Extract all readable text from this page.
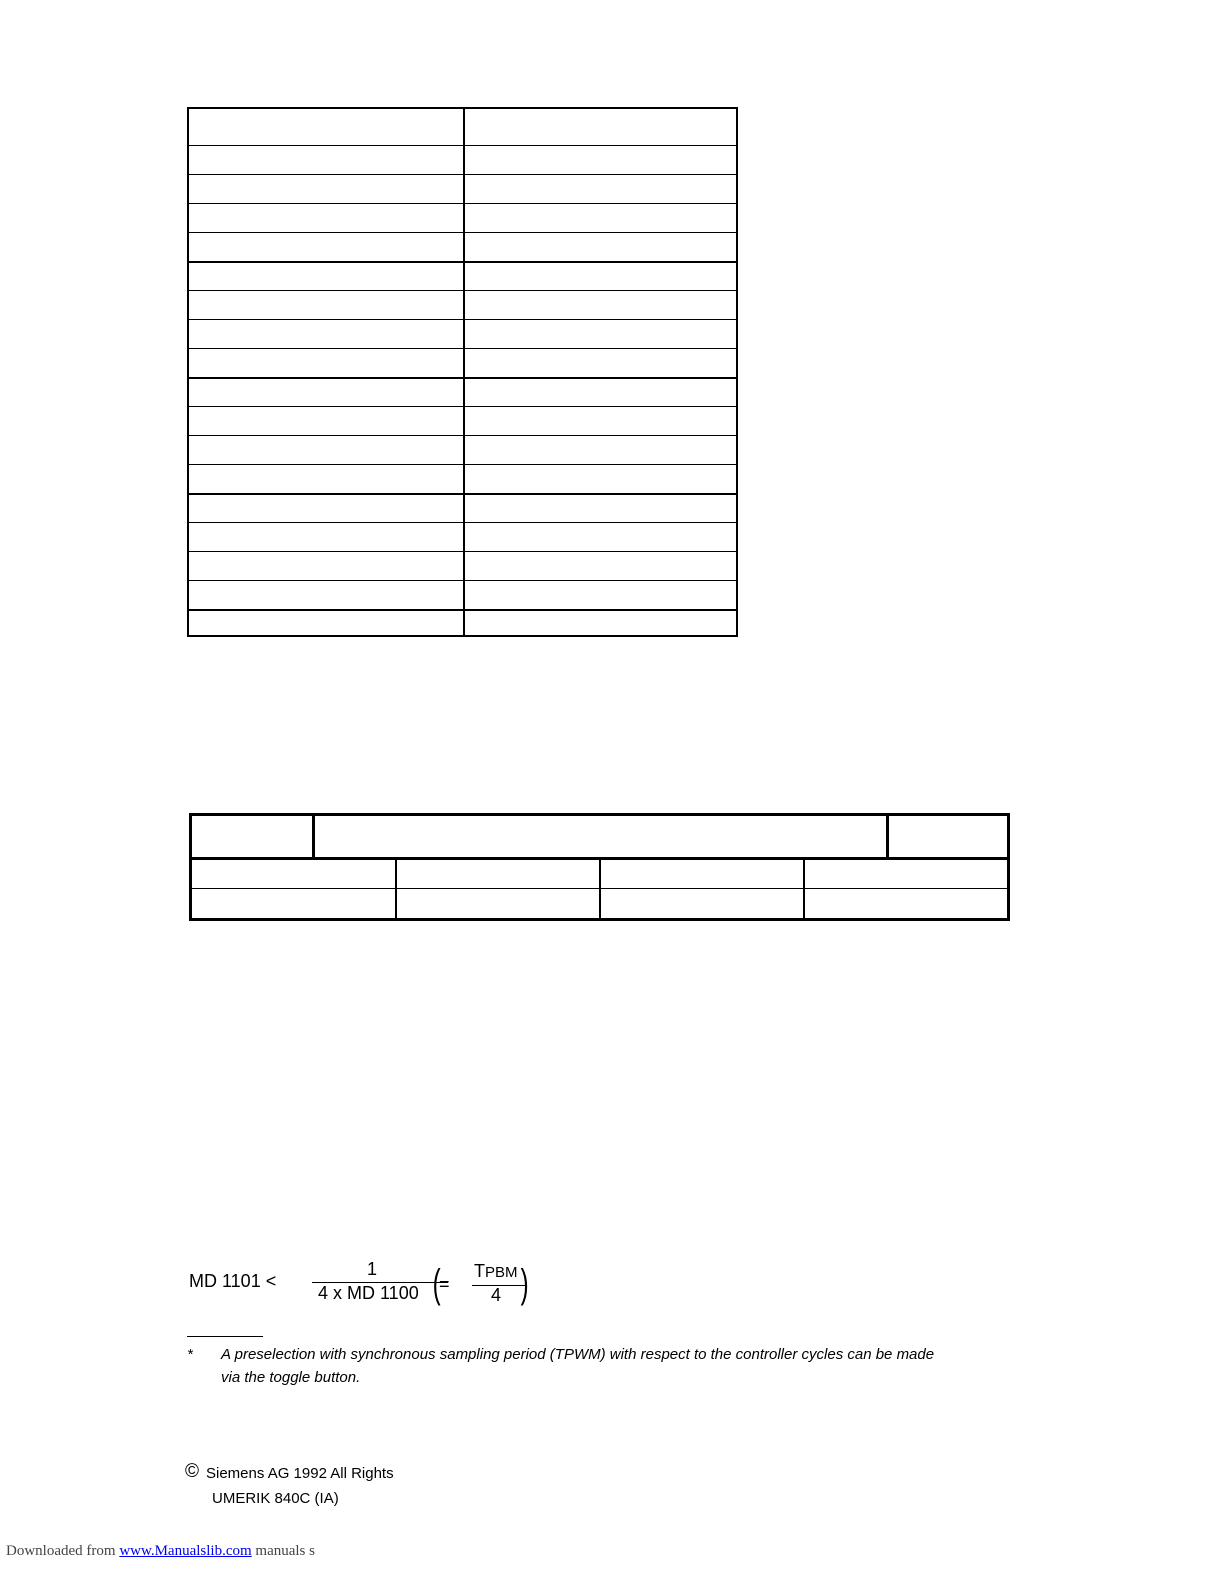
MD 1101 <
1
4 x MD 1100 (
=
TPBM
4 )
* A preselection with synchronous sampling period (TPWM) with respect to the controller cycles can be made
via the toggle button.
© Siemens AG 1992 All Rights
UMERIK 840C (IA)
Downloaded from www.Manualslib.com manuals s
